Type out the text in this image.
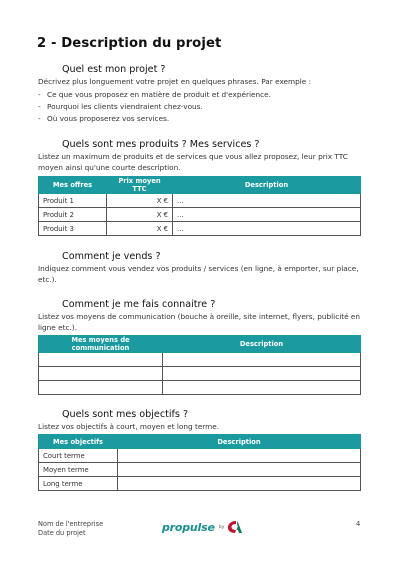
2 - Description du projet
Quel est mon projet ?
Décrivez plus longuement votre projet en quelques phrases. Par exemple :
- Ce que vous proposez en matière de produit et d'expérience.
- Pourquoi les clients viendraient chez-vous.
- Où vous proposerez vos services.
Quels sont mes produits ? Mes services ?
Listez un maximum de produits et de services que vous allez proposez, leur prix TTC moyen ainsi qu'une courte description.
Mes offres	Prix moyen TTC	Description
Produit 1	X €	...
Produit 2	X €	...
Produit 3	X €	...
Comment je vends ?
Indiquez comment vous vendez vos produits / services (en ligne, à emporter, sur place, etc.).
Comment je me fais connaitre ?
Listez vos moyens de communication (bouche à oreille, site internet, flyers, publicité en ligne etc.).
Mes moyens de communication	Description

Quels sont mes objectifs ?
Listez vos objectifs à court, moyen et long terme.
Mes objectifs	Description
Court terme	
Moyen terme	
Long terme	
Nom de l'entreprise
Date du projet	propulse by	4
